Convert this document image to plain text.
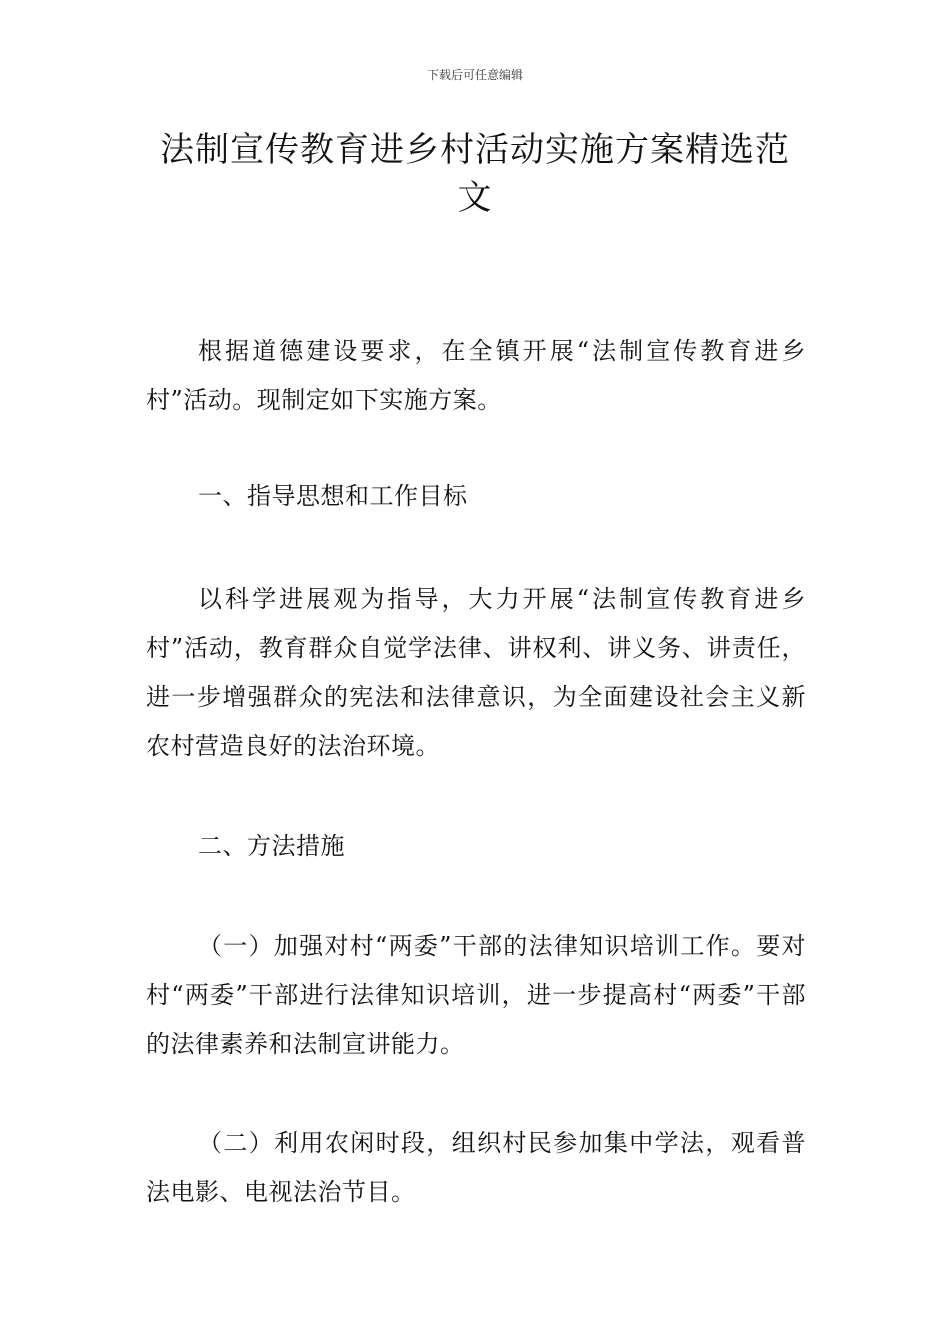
下载后可任意编辑
法制宣传教育进乡村活动实施方案精选范文

根据道德建设要求，在全镇开展“法制宣传教育进乡村”活动。现制定如下实施方案。

一、指导思想和工作目标

以科学进展观为指导，大力开展“法制宣传教育进乡村”活动，教育群众自觉学法律、讲权利、讲义务、讲责任，进一步增强群众的宪法和法律意识，为全面建设社会主义新农村营造良好的法治环境。

二、方法措施

（一）加强对村“两委”干部的法律知识培训工作。要对村“两委”干部进行法律知识培训，进一步提高村“两委”干部的法律素养和法制宣讲能力。

（二）利用农闲时段，组织村民参加集中学法，观看普法电影、电视法治节目。
